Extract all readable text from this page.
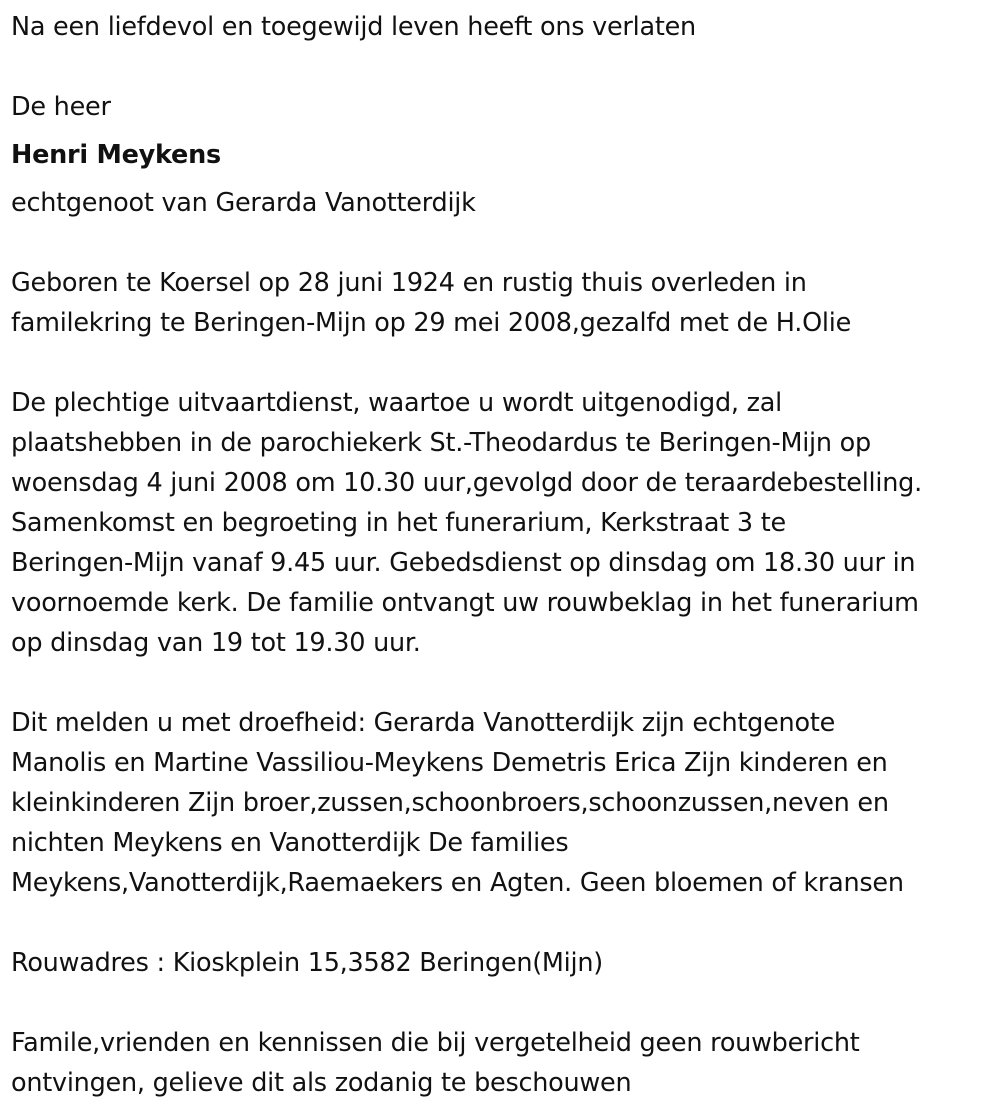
Na een liefdevol en toegewijd leven heeft ons verlaten

De heer

Henri Meykens

echtgenoot van Gerarda Vanotterdijk

Geboren te Koersel op 28 juni 1924 en rustig thuis overleden in
familekring te Beringen-Mijn op 29 mei 2008,gezalfd met de H.Olie

De plechtige uitvaartdienst, waartoe u wordt uitgenodigd, zal
plaatshebben in de parochiekerk St.-Theodardus te Beringen-Mijn op
woensdag 4 juni 2008 om 10.30 uur,gevolgd door de teraardebestelling.
Samenkomst en begroeting in het funerarium, Kerkstraat 3 te
Beringen-Mijn vanaf 9.45 uur. Gebedsdienst op dinsdag om 18.30 uur in
voornoemde kerk. De familie ontvangt uw rouwbeklag in het funerarium
op dinsdag van 19 tot 19.30 uur.

Dit melden u met droefheid: Gerarda Vanotterdijk zijn echtgenote
Manolis en Martine Vassiliou-Meykens Demetris Erica Zijn kinderen en
kleinkinderen Zijn broer,zussen,schoonbroers,schoonzussen,neven en
nichten Meykens en Vanotterdijk De families
Meykens,Vanotterdijk,Raemaekers en Agten. Geen bloemen of kransen

Rouwadres : Kioskplein 15,3582 Beringen(Mijn)

Famile,vrienden en kennissen die bij vergetelheid geen rouwbericht
ontvingen, gelieve dit als zodanig te beschouwen
